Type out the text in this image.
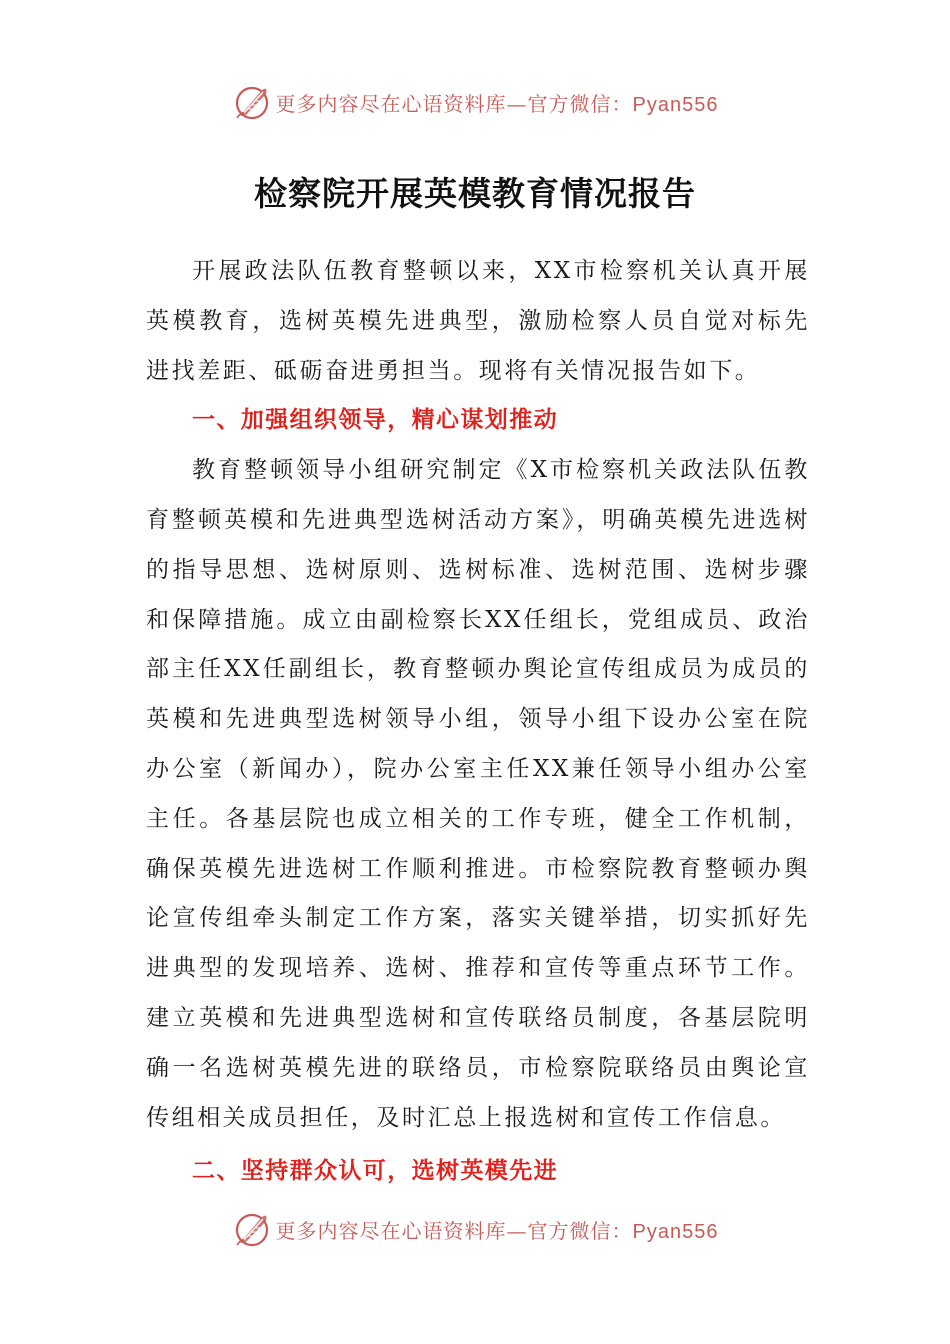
更多内容尽在心语资料库—官方微信：Pyan556
检察院开展英模教育情况报告

开展政法队伍教育整顿以来，XX市检察机关认真开展英模教育，选树英模先进典型，激励检察人员自觉对标先进找差距、砥砺奋进勇担当。现将有关情况报告如下。

一、加强组织领导，精心谋划推动

教育整顿领导小组研究制定《X市检察机关政法队伍教育整顿英模和先进典型选树活动方案》，明确英模先进选树的指导思想、选树原则、选树标准、选树范围、选树步骤和保障措施。成立由副检察长XX任组长，党组成员、政治部主任XX任副组长，教育整顿办舆论宣传组成员为成员的英模和先进典型选树领导小组，领导小组下设办公室在院办公室（新闻办），院办公室主任XX兼任领导小组办公室主任。各基层院也成立相关的工作专班，健全工作机制，确保英模先进选树工作顺利推进。市检察院教育整顿办舆论宣传组牵头制定工作方案，落实关键举措，切实抓好先进典型的发现培养、选树、推荐和宣传等重点环节工作。建立英模和先进典型选树和宣传联络员制度，各基层院明确一名选树英模先进的联络员，市检察院联络员由舆论宣传组相关成员担任，及时汇总上报选树和宣传工作信息。

二、坚持群众认可，选树英模先进

更多内容尽在心语资料库—官方微信：Pyan556
